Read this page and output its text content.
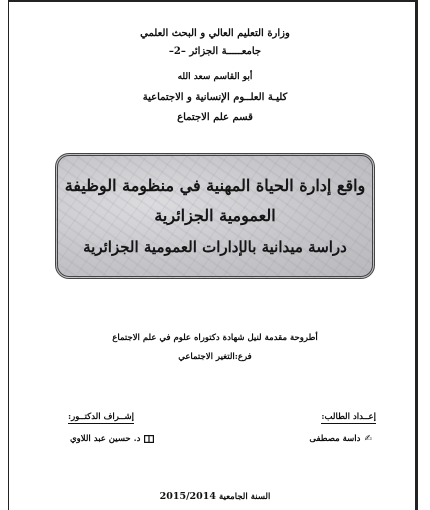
وزارة التعليم العالي و البحث العلمي
جامعـــــة الجزائر –2–
أبو القاسم سعد الله
كليـة العلــوم الإنسانية و الاجتماعية
قسم علم الاجتماع
واقع إدارة الحياة المهنية في منظومة الوظيفة
العمومية الجزائرية
دراسة ميدانية بالإدارات العمومية الجزائرية
أطروحة مقدمة لنيل شهادة دكتوراه علوم في علم الاجتماع
فرع:التغير الاجتماعي
إعــداد الطالب:
إشــراف الدكتــور:
✍
داسة مصطفى
د. حسين عبد اللاوي
السنة الجامعية 2015/2014
